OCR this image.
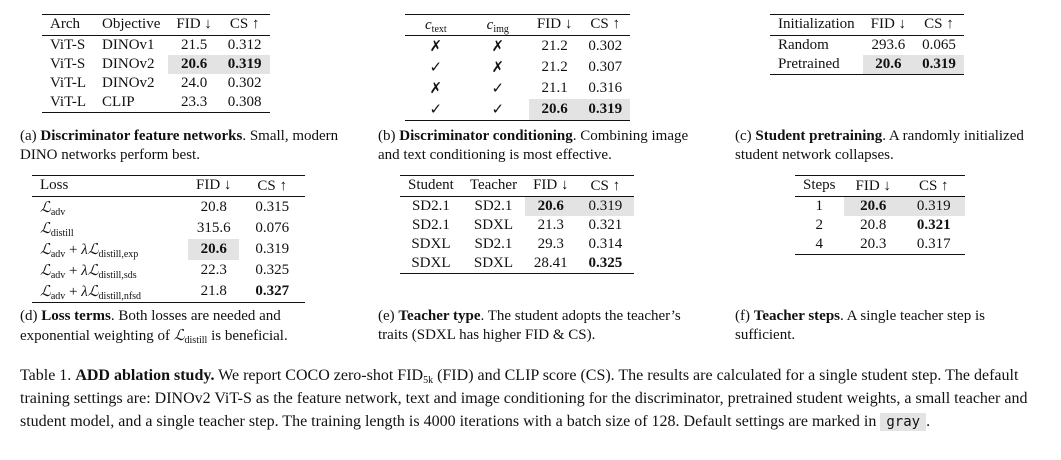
Arch	Objective	FID ↓	CS ↑
ViT-S	DINOv1	21.5	0.312
ViT-S	DINOv2	20.6	0.319
ViT-L	DINOv2	24.0	0.302
ViT-L	CLIP	23.3	0.308
(a) Discriminator feature networks. Small, modern DINO networks perform best.
$c_{text}$	$c_{img}$	FID ↓	CS ↑
✗	✗	21.2	0.302
✓	✗	21.2	0.307
✗	✓	21.1	0.316
✓	✓	20.6	0.319
(b) Discriminator conditioning. Combining image and text conditioning is most effective.
Initialization	FID ↓	CS ↑
Random	293.6	0.065
Pretrained	20.6	0.319
(c) Student pretraining. A randomly initialized student network collapses.
Loss	FID ↓	CS ↑
ℒ$_{adv}$	20.8	0.315
ℒ$_{distill}$	315.6	0.076
ℒ$_{adv}$ + λℒ$_{distill,exp}$	20.6	0.319
ℒ$_{adv}$ + λℒ$_{distill,sds}$	22.3	0.325
ℒ$_{adv}$ + λℒ$_{distill,nfsd}$	21.8	0.327
(d) Loss terms. Both losses are needed and exponential weighting of ℒ$_{distill}$ is beneficial.
Student	Teacher	FID ↓	CS ↑
SD2.1	SD2.1	20.6	0.319
SD2.1	SDXL	21.3	0.321
SDXL	SD2.1	29.3	0.314
SDXL	SDXL	28.41	0.325
(e) Teacher type. The student adopts the teacher’s traits (SDXL has higher FID & CS).
Steps	FID ↓	CS ↑
1	20.6	0.319
2	20.8	0.321
4	20.3	0.317
(f) Teacher steps. A single teacher step is sufficient.
Table 1. ADD ablation study. We report COCO zero-shot $FID_{5k}$ (FID) and CLIP score (CS). The results are calculated for a single student step. The default training settings are: DINOv2 ViT-S as the feature network, text and image conditioning for the discriminator, pretrained student weights, a small teacher and student model, and a single teacher step. The training length is 4000 iterations with a batch size of 128. Default settings are marked in gray .
